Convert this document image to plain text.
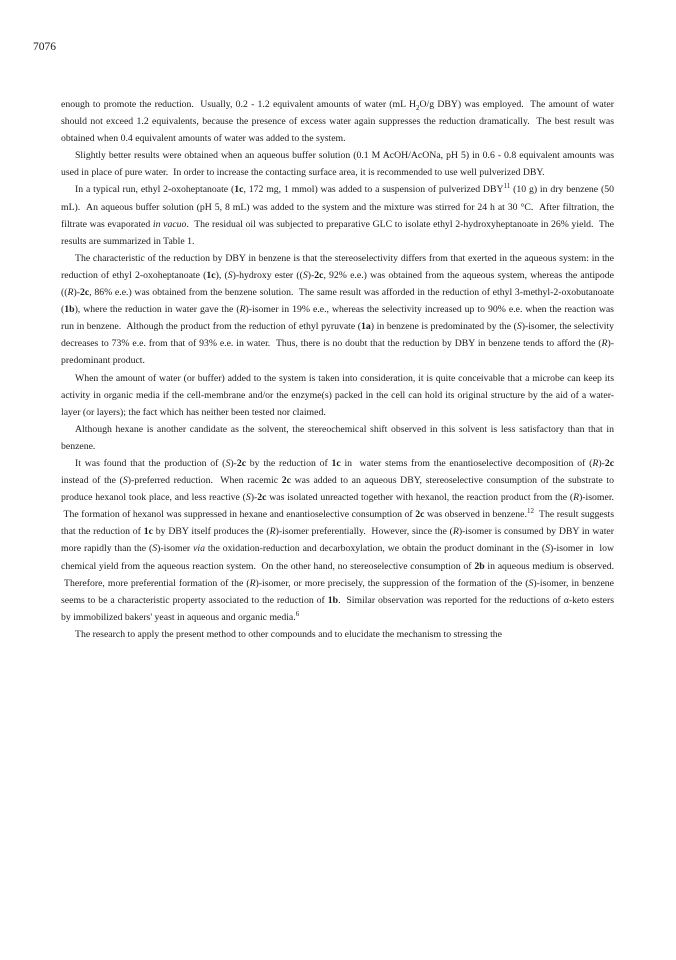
7076

enough to promote the reduction.  Usually, 0.2 - 1.2 equivalent amounts of water (mL $H_2O/g$ DBY) was employed.  The amount of water should not exceed 1.2 equivalents, because the presence of excess water again suppresses the reduction dramatically.  The best result was obtained when 0.4 equivalent amounts of water was added to the system.

Slightly better results were obtained when an aqueous buffer solution (0.1 M AcOH/AcONa, pH 5) in 0.6 - 0.8 equivalent amounts was used in place of pure water.  In order to increase the contacting surface area, it is recommended to use well pulverized DBY.

In a typical run, ethyl 2-oxoheptanoate (1c, 172 mg, 1 mmol) was added to a suspension of pulverized DBY$^{11}$ (10 g) in dry benzene (50 mL).  An aqueous buffer solution (pH 5, 8 mL) was added to the system and the mixture was stirred for 24 h at 30 °C.  After filtration, the filtrate was evaporated in vacuo.  The residual oil was subjected to preparative GLC to isolate ethyl 2-hydroxyheptanoate in 26% yield.  The results are summarized in Table 1.

The characteristic of the reduction by DBY in benzene is that the stereoselectivity differs from that exerted in the aqueous system: in the reduction of ethyl 2-oxoheptanoate (1c), (S)-hydroxy ester ((S)-2c, 92% e.e.) was obtained from the aqueous system, whereas the antipode ((R)-2c, 86% e.e.) was obtained from the benzene solution.  The same result was afforded in the reduction of ethyl 3-methyl-2-oxobutanoate (1b), where the reduction in water gave the (R)-isomer in 19% e.e., whereas the selectivity increased up to 90% e.e. when the reaction was run in benzene.  Although the product from the reduction of ethyl pyruvate (1a) in benzene is predominated by the (S)-isomer, the selectivity decreases to 73% e.e. from that of 93% e.e. in water.  Thus, there is no doubt that the reduction by DBY in benzene tends to afford the (R)-predominant product.

When the amount of water (or buffer) added to the system is taken into consideration, it is quite conceivable that a microbe can keep its activity in organic media if the cell-membrane and/or the enzyme(s) packed in the cell can hold its original structure by the aid of a water-layer (or layers); the fact which has neither been tested nor claimed.

Although hexane is another candidate as the solvent, the stereochemical shift observed in this solvent is less satisfactory than that in benzene.

It was found that the production of (S)-2c by the reduction of 1c in  water stems from the enantioselective decomposition of (R)-2c instead of the (S)-preferred reduction.  When racemic 2c was added to an aqueous DBY, stereoselective consumption of the substrate to produce hexanol took place, and less reactive (S)-2c was isolated unreacted together with hexanol, the reaction product from the (R)-isomer.  The formation of hexanol was suppressed in hexane and enantioselective consumption of 2c was observed in benzene.$^{12}$  The result suggests that the reduction of 1c by DBY itself produces the (R)-isomer preferentially.  However, since the (R)-isomer is consumed by DBY in water more rapidly than the (S)-isomer via the oxidation-reduction and decarboxylation, we obtain the product dominant in the (S)-isomer in  low chemical yield from the aqueous reaction system.  On the other hand, no stereoselective consumption of 2b in aqueous medium is observed.  Therefore, more preferential formation of the (R)-isomer, or more precisely, the suppression of the formation of the (S)-isomer, in benzene seems to be a characteristic property associated to the reduction of 1b.  Similar observation was reported for the reductions of α-keto esters by immobilized bakers' yeast in aqueous and organic media.$^6$

The research to apply the present method to other compounds and to elucidate the mechanism to stressing the
